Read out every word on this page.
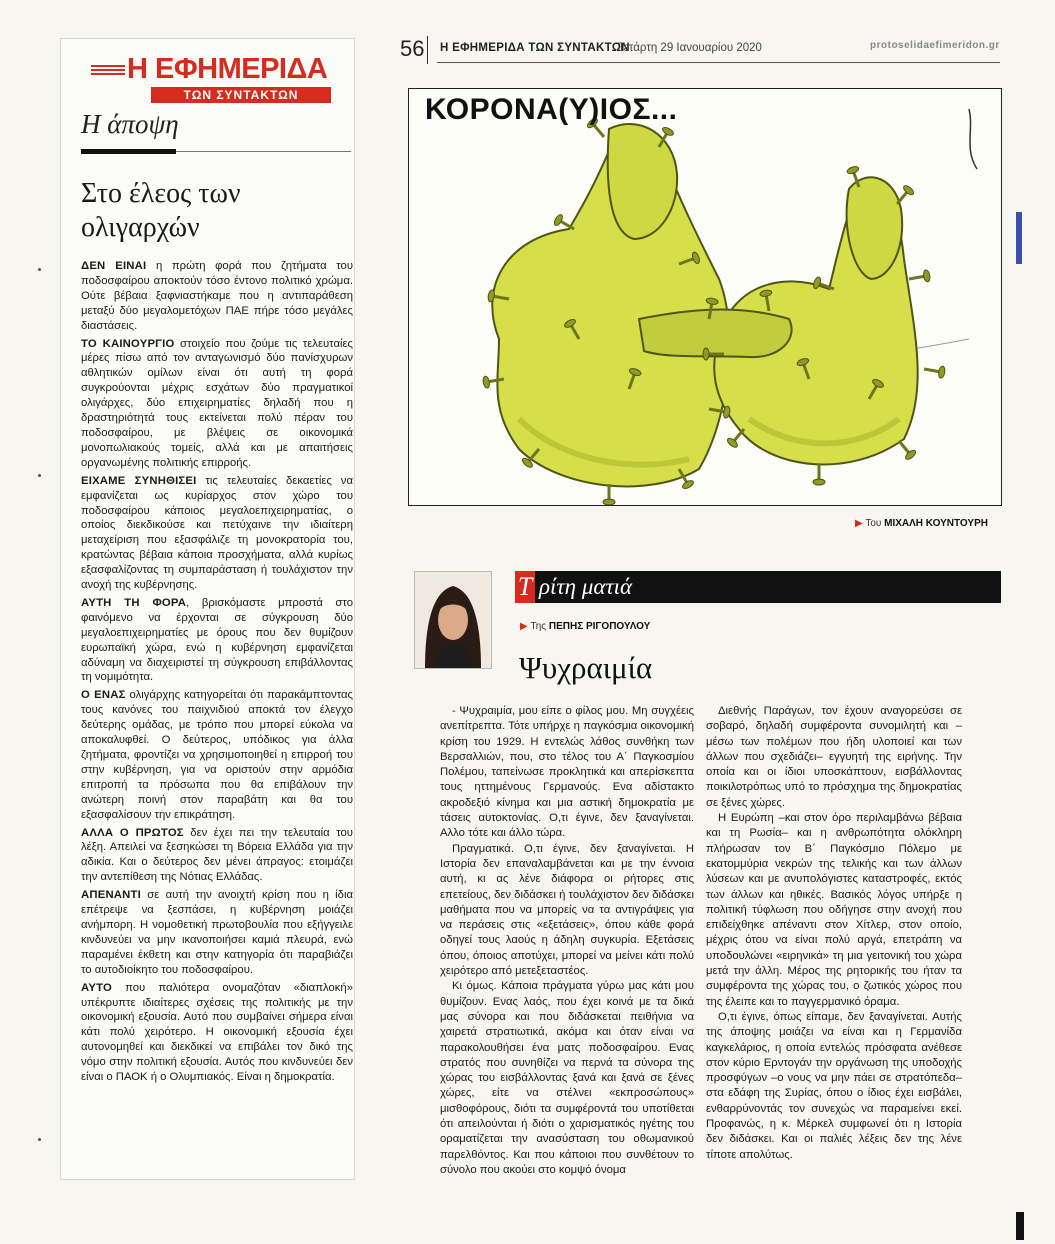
Η ΕΦΗΜΕΡΙΔΑ
ΤΩΝ ΣΥΝΤΑΚΤΩΝ
Η άποψη
Στο έλεος των ολιγαρχών

ΔΕΝ ΕΙΝΑΙ η πρώτη φορά που ζητήματα του ποδοσφαίρου αποκτούν τόσο έντονο πολιτικό χρώμα. Ούτε βέβαια ξαφνιαστήκαμε που η αντιπαράθεση μεταξύ δύο μεγαλομετόχων ΠΑΕ πήρε τόσο μεγάλες διαστάσεις.

ΤΟ ΚΑΙΝΟΥΡΓΙΟ στοιχείο που ζούμε τις τελευταίες μέρες πίσω από τον ανταγωνισμό δύο πανίσχυρων αθλητικών ομίλων είναι ότι αυτή τη φορά συγκρούονται μέχρις εσχάτων δύο πραγματικοί ολιγάρχες, δύο επιχειρηματίες δηλαδή που η δραστηριότητά τους εκτείνεται πολύ πέραν του ποδοσφαίρου, με βλέψεις σε οικονομικά μονοπωλιακούς τομείς, αλλά και με απαιτήσεις οργανωμένης πολιτικής επιρροής.

ΕΙΧΑΜΕ ΣΥΝΗΘΙΣΕΙ τις τελευταίες δεκαετίες να εμφανίζεται ως κυρίαρχος στον χώρο του ποδοσφαίρου κάποιος μεγαλοεπιχειρηματίας, ο οποίος διεκδικούσε και πετύχαινε την ιδιαίτερη μεταχείριση που εξασφάλιζε τη μονοκρατορία του, κρατώντας βέβαια κάποια προσχήματα, αλλά κυρίως εξασφαλίζοντας τη συμπαράσταση ή τουλάχιστον την ανοχή της κυβέρνησης.

ΑΥΤΗ ΤΗ ΦΟΡΑ, βρισκόμαστε μπροστά στο φαινόμενο να έρχονται σε σύγκρουση δύο μεγαλοεπιχειρηματίες με όρους που δεν θυμίζουν ευρωπαϊκή χώρα, ενώ η κυβέρνηση εμφανίζεται αδύναμη να διαχειριστεί τη σύγκρουση επιβάλλοντας τη νομιμότητα.

Ο ΕΝΑΣ ολιγάρχης κατηγορείται ότι παρακάμπτοντας τους κανόνες του παιχνιδιού αποκτά τον έλεγχο δεύτερης ομάδας, με τρόπο που μπορεί εύκολα να αποκαλυφθεί. Ο δεύτερος, υπόδικος για άλλα ζητήματα, φροντίζει να χρησιμοποιηθεί η επιρροή του στην κυβέρνηση, για να οριστούν στην αρμόδια επιτροπή τα πρόσωπα που θα επιβάλουν την ανώτερη ποινή στον παραβάτη και θα του εξασφαλίσουν την επικράτηση.

ΑΛΛΑ Ο ΠΡΩΤΟΣ δεν έχει πει την τελευταία του λέξη. Απειλεί να ξεσηκώσει τη Βόρεια Ελλάδα για την αδικία. Και ο δεύτερος δεν μένει άπραγος: ετοιμάζει την αντεπίθεση της Νότιας Ελλάδας.

ΑΠΕΝΑΝΤΙ σε αυτή την ανοιχτή κρίση που η ίδια επέτρεψε να ξεσπάσει, η κυβέρνηση μοιάζει ανήμπορη. Η νομοθετική πρωτοβουλία που εξήγγειλε κινδυνεύει να μην ικανοποιήσει καμιά πλευρά, ενώ παραμένει έκθετη και στην κατηγορία ότι παραβιάζει το αυτοδιοίκητο του ποδοσφαίρου.

ΑΥΤΟ που παλιότερα ονομαζόταν «διαπλοκή» υπέκρυπτε ιδιαίτερες σχέσεις της πολιτικής με την οικονομική εξουσία. Αυτό που συμβαίνει σήμερα είναι κάτι πολύ χειρότερο. Η οικονομική εξουσία έχει αυτονομηθεί και διεκδικεί να επιβάλει τον δικό της νόμο στην πολιτική εξουσία. Αυτός που κινδυνεύει δεν είναι ο ΠΑΟΚ ή ο Ολυμπιακός. Είναι η δημοκρατία.

56 Η ΕΦΗΜΕΡΙΔΑ ΤΩΝ ΣΥΝΤΑΚΤΩΝ
Τετάρτη 29 Ιανουαρίου 2020	protoselidaefimeridon.gr
ΚΟΡΟΝΑ(Υ)ΙΟΣ...
▶ Του ΜΙΧΑΛΗ ΚΟΥΝΤΟΥΡΗ
Τ ρίτη ματιά
▶ Της ΠΕΠΗΣ ΡΙΓΟΠΟΥΛΟΥ
Ψυχραιμία

- Ψυχραιμία, μου είπε ο φίλος μου. Μη συγχέεις ανεπίτρεπτα. Τότε υπήρχε η παγκόσμια οικονομική κρίση του 1929. Η εντελώς λάθος συνθήκη των Βερσαλλιών, που, στο τέλος του Α΄ Παγκοσμίου Πολέμου, ταπείνωσε προκλητικά και απερίσκεπτα τους ηττημένους Γερμανούς. Ενα αδίστακτο ακροδεξιό κίνημα και μια αστική δημοκρατία με τάσεις αυτοκτονίας. Ο,τι έγινε, δεν ξαναγίνεται. Αλλο τότε και άλλο τώρα.

Πραγματικά. Ο,τι έγινε, δεν ξαναγίνεται. Η Ιστορία δεν επαναλαμβάνεται και με την έννοια αυτή, κι ας λένε διάφορα οι ρήτορες στις επετείους, δεν διδάσκει ή τουλάχιστον δεν διδάσκει μαθήματα που να μπορείς να τα αντιγράψεις για να περάσεις στις «εξετάσεις», όπου κάθε φορά οδηγεί τους λαούς η άδηλη συγκυρία. Εξετάσεις όπου, όποιος αποτύχει, μπορεί να μείνει κάτι πολύ χειρότερο από μετεξεταστέος.

Κι όμως. Κάποια πράγματα γύρω μας κάτι μου θυμίζουν. Ενας λαός, που έχει κοινά με τα δικά μας σύνορα και που διδάσκεται πειθήνια να χαιρετά στρατιωτικά, ακόμα και όταν είναι να παρακολουθήσει ένα ματς ποδοσφαίρου. Ενας στρατός που συνηθίζει να περνά τα σύνορα της χώρας του εισβάλλοντας ξανά και ξανά σε ξένες χώρες, είτε να στέλνει «εκπροσώπους» μισθοφόρους, διότι τα συμφέροντά του υποτίθεται ότι απειλούνται ή διότι ο χαρισματικός ηγέτης του οραματίζεται την ανασύσταση του οθωμανικού παρελθόντος. Και που κάποιοι που συνθέτουν το σύνολο που ακούει στο κομψό όνομα

Διεθνής Παράγων, τον έχουν αναγορεύσει σε σοβαρό, δηλαδή συμφέροντα συνομιλητή και –μέσω των πολέμων που ήδη υλοποιεί και των άλλων που σχεδιάζει– εγγυητή της ειρήνης. Την οποία και οι ίδιοι υποσκάπτουν, εισβάλλοντας ποικιλοτρόπως υπό το πρόσχημα της δημοκρατίας σε ξένες χώρες.

Η Ευρώπη –και στον όρο περιλαμβάνω βέβαια και τη Ρωσία– και η ανθρωπότητα ολόκληρη πλήρωσαν τον Β΄ Παγκόσμιο Πόλεμο με εκατομμύρια νεκρών της τελικής και των άλλων λύσεων και με ανυπολόγιστες καταστροφές, εκτός των άλλων και ηθικές. Βασικός λόγος υπήρξε η πολιτική τύφλωση που οδήγησε στην ανοχή που επιδείχθηκε απέναντι στον Χίτλερ, στον οποίο, μέχρις ότου να είναι πολύ αργά, επετράπη να υποδουλώνει «ειρηνικά» τη μια γειτονική του χώρα μετά την άλλη. Μέρος της ρητορικής του ήταν τα συμφέροντα της χώρας του, ο ζωτικός χώρος που της έλειπε και το παγγερμανικό όραμα.

Ο,τι έγινε, όπως είπαμε, δεν ξαναγίνεται. Αυτής της άποψης μοιάζει να είναι και η Γερμανίδα καγκελάριος, η οποία εντελώς πρόσφατα ανέθεσε στον κύριο Ερντογάν την οργάνωση της υποδοχής προσφύγων –ο νους να μην πάει σε στρατόπεδα– στα εδάφη της Συρίας, όπου ο ίδιος έχει εισβάλει, ενθαρρύνοντάς τον συνεχώς να παραμείνει εκεί. Προφανώς, η κ. Μέρκελ συμφωνεί ότι η Ιστορία δεν διδάσκει. Και οι παλιές λέξεις δεν της λένε τίποτε απολύτως.
